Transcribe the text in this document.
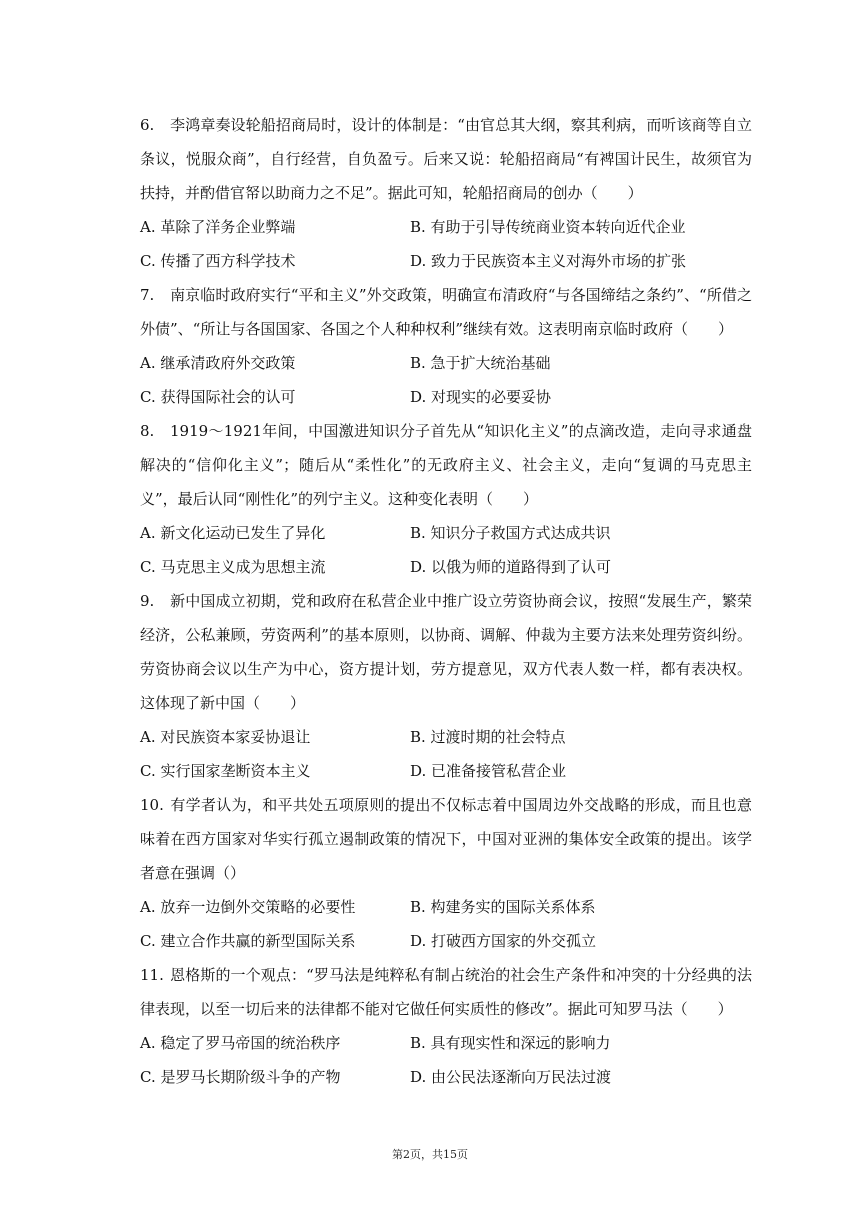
6. 李鸿章奏设轮船招商局时，设计的体制是：“由官总其大纲，察其利病，而听该商等自立条议，悦服众商”，自行经营，自负盈亏。后来又说：轮船招商局“有裨国计民生，故须官为扶持，并酌借官帑以助商力之不足”。据此可知，轮船招商局的创办（　　）

A. 革除了洋务企业弊端	B. 有助于引导传统商业资本转向近代企业
C. 传播了西方科学技术	D. 致力于民族资本主义对海外市场的扩张

7. 南京临时政府实行“平和主义”外交政策，明确宣布清政府“与各国缔结之条约”、“所借之外债”、“所让与各国国家、各国之个人种种权利”继续有效。这表明南京临时政府（　　）

A. 继承清政府外交政策	B. 急于扩大统治基础
C. 获得国际社会的认可	D. 对现实的必要妥协

8. 1919～1921年间，中国激进知识分子首先从“知识化主义”的点滴改造，走向寻求通盘解决的“信仰化主义”；随后从“柔性化”的无政府主义、社会主义，走向“复调的马克思主义”，最后认同“刚性化”的列宁主义。这种变化表明（　　）

A. 新文化运动已发生了异化	B. 知识分子救国方式达成共识
C. 马克思主义成为思想主流	D. 以俄为师的道路得到了认可

9. 新中国成立初期，党和政府在私营企业中推广设立劳资协商会议，按照“发展生产，繁荣经济，公私兼顾，劳资两利”的基本原则，以协商、调解、仲裁为主要方法来处理劳资纠纷。劳资协商会议以生产为中心，资方提计划，劳方提意见，双方代表人数一样，都有表决权。这体现了新中国（　　）

A. 对民族资本家妥协退让	B. 过渡时期的社会特点
C. 实行国家垄断资本主义	D. 已准备接管私营企业

10. 有学者认为，和平共处五项原则的提出不仅标志着中国周边外交战略的形成，而且也意味着在西方国家对华实行孤立遏制政策的情况下，中国对亚洲的集体安全政策的提出。该学者意在强调（）

A. 放弃一边倒外交策略的必要性	B. 构建务实的国际关系体系
C. 建立合作共赢的新型国际关系	D. 打破西方国家的外交孤立

11. 恩格斯的一个观点：“罗马法是纯粹私有制占统治的社会生产条件和冲突的十分经典的法律表现，以至一切后来的法律都不能对它做任何实质性的修改”。据此可知罗马法（　　）

A. 稳定了罗马帝国的统治秩序	B. 具有现实性和深远的影响力
C. 是罗马长期阶级斗争的产物	D. 由公民法逐渐向万民法过渡
第2页，共15页
